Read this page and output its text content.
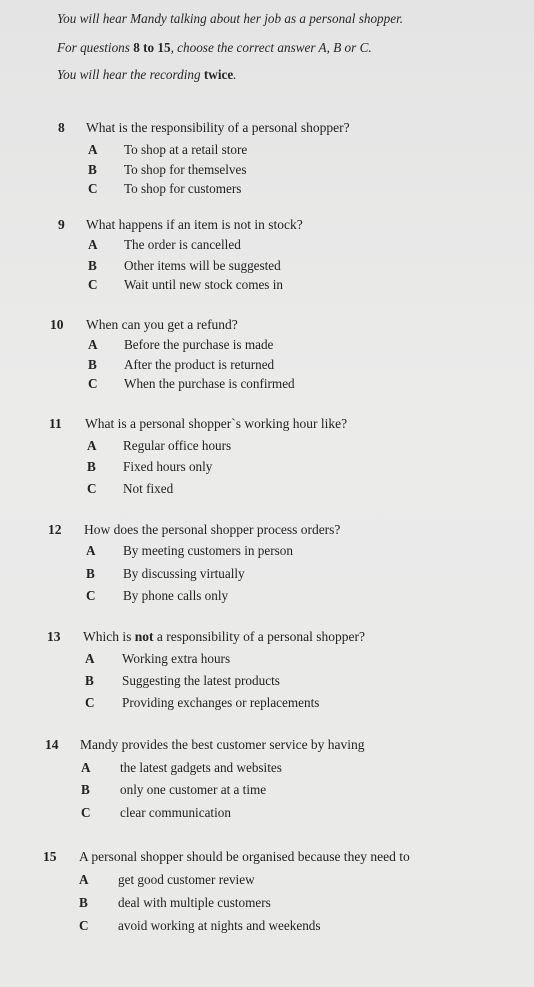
You will hear Mandy talking about her job as a personal shopper.
For questions 8 to 15, choose the correct answer A, B or C.
You will hear the recording twice.
8 What is the responsibility of a personal shopper?
A To shop at a retail store
B To shop for themselves
C To shop for customers
9 What happens if an item is not in stock?
A The order is cancelled
B Other items will be suggested
C Wait until new stock comes in
10 When can you get a refund?
A Before the purchase is made
B After the product is returned
C When the purchase is confirmed
11 What is a personal shopper`s working hour like?
A Regular office hours
B Fixed hours only
C Not fixed
12 How does the personal shopper process orders?
A By meeting customers in person
B By discussing virtually
C By phone calls only
13 Which is not a responsibility of a personal shopper?
A Working extra hours
B Suggesting the latest products
C Providing exchanges or replacements
14 Mandy provides the best customer service by having
A the latest gadgets and websites
B only one customer at a time
C clear communication
15 A personal shopper should be organised because they need to
A get good customer review
B deal with multiple customers
C avoid working at nights and weekends
